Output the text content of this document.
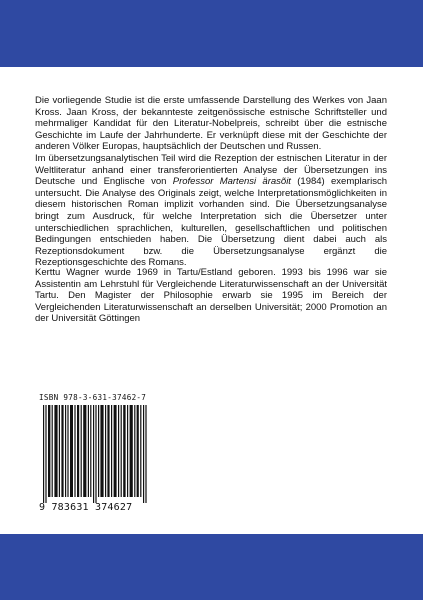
Die vorliegende Studie ist die erste umfassende Darstellung des Werkes von Jaan Kross. Jaan Kross, der bekannteste zeitgenössische estnische Schriftsteller und mehrmaliger Kandidat für den Literatur-Nobelpreis, schreibt über die estnische Geschichte im Laufe der Jahrhunderte. Er verknüpft diese mit der Geschichte der anderen Völker Europas, hauptsächlich der Deutschen und Russen.

Im übersetzungsanalytischen Teil wird die Rezeption der estnischen Literatur in der Weltliteratur anhand einer transferorientierten Analyse der Übersetzungen ins Deutsche und Englische von Professor Martensi ärasõit (1984) exemplarisch untersucht. Die Analyse des Originals zeigt, welche Interpretationsmöglichkeiten in diesem historischen Roman implizit vorhanden sind. Die Übersetzungsanalyse bringt zum Ausdruck, für welche Interpretation sich die Übersetzer unter unterschiedlichen sprachlichen, kulturellen, gesellschaftlichen und politischen Bedingungen entschieden haben. Die Übersetzung dient dabei auch als Rezeptionsdokument bzw. die Übersetzungsanalyse ergänzt die Rezeptionsgeschichte des Romans.

Kerttu Wagner wurde 1969 in Tartu/Estland geboren. 1993 bis 1996 war sie Assistentin am Lehrstuhl für Vergleichende Literaturwissenschaft an der Universität Tartu. Den Magister der Philosophie erwarb sie 1995 im Bereich der Vergleichenden Literaturwissenschaft an derselben Universität; 2000 Promotion an der Universität Göttingen

ISBN 978-3-631-37462-7
9 783631 374627
